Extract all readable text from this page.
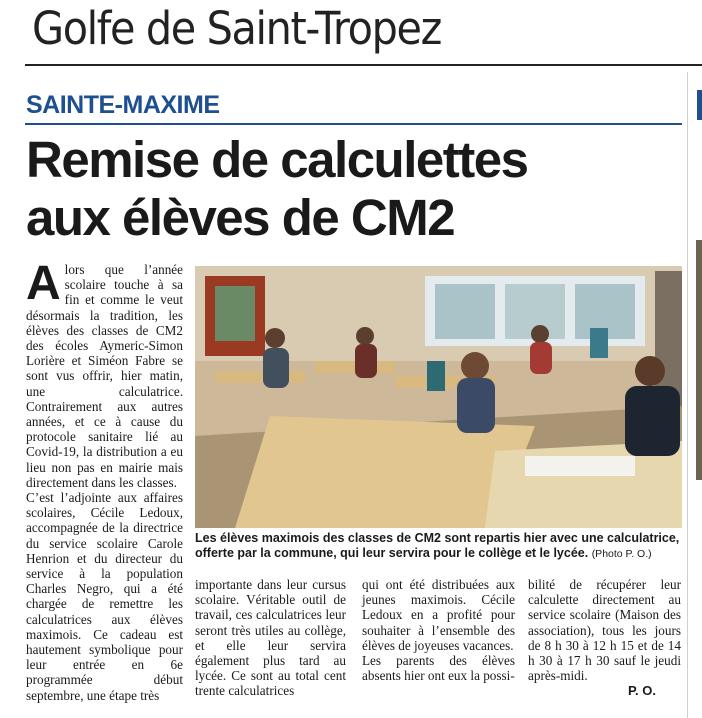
Golfe de Saint-Tropez
SAINTE-MAXIME
Remise de calculettes
aux élèves de CM2

Alors que l’année scolaire touche à sa fin et comme le veut désormais la tradition, les élèves des classes de CM2 des écoles Aymeric-Simon Lorière et Siméon Fabre se sont vus offrir, hier matin, une calculatrice. Contrairement aux autres années, et ce à cause du protocole sanitaire lié au Covid-19, la distribution a eu lieu non pas en mairie mais directement dans les classes.

C’est l’adjointe aux affaires scolaires, Cécile Ledoux, accompagnée de la directrice du service scolaire Carole Henrion et du directeur du service à la population Charles Negro, qui a été chargée de remettre les calculatrices aux élèves maximois. Ce cadeau est hautement symbolique pour leur entrée en 6e programmée début septembre, une étape très

Les élèves maximois des classes de CM2 sont repartis hier avec une calculatrice, offerte par la commune, qui leur servira pour le collège et le lycée. (Photo P. O.)
importante dans leur cursus scolaire. Véritable outil de travail, ces calculatrices leur seront très utiles au collège, et elle leur servira également plus tard au lycée. Ce sont au total cent trente calculatrices

qui ont été distribuées aux jeunes maximois. Cécile Ledoux en a profité pour souhaiter à l’ensemble des élèves de joyeuses vacances.

Les parents des élèves absents hier ont eux la possi-

bilité de récupérer leur calculette directement au service scolaire (Maison des association), tous les jours de 8 h 30 à 12 h 15 et de 14 h 30 à 17 h 30 sauf le jeudi après-midi.
P. O.
